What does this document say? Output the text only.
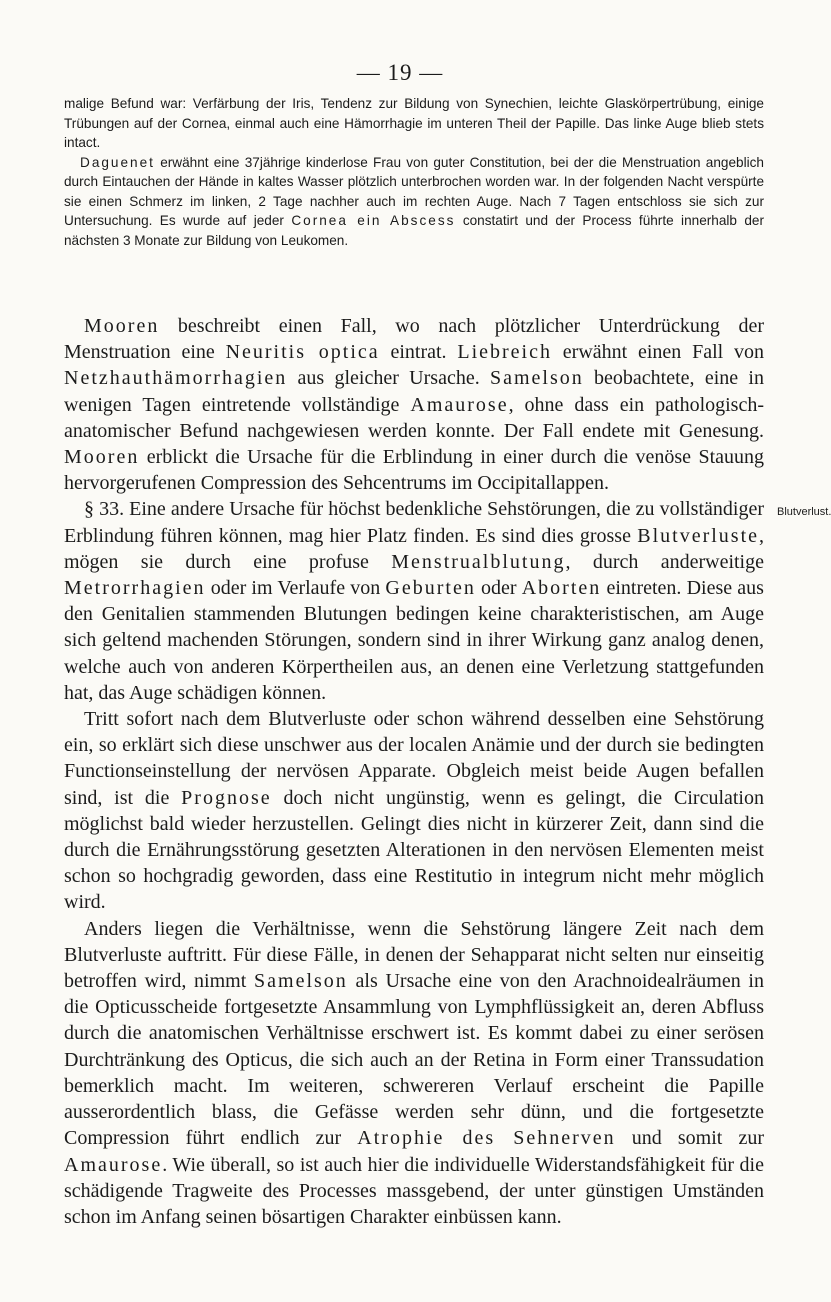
— 19 —

malige Befund war: Verfärbung der Iris, Tendenz zur Bildung von Synechien, leichte Glaskörpertrübung, einige Trübungen auf der Cornea, einmal auch eine Hämorrhagie im unteren Theil der Papille. Das linke Auge blieb stets intact.

Daguenet erwähnt eine 37jährige kinderlose Frau von guter Constitution, bei der die Menstruation angeblich durch Eintauchen der Hände in kaltes Wasser plötzlich unterbrochen worden war. In der folgenden Nacht verspürte sie einen Schmerz im linken, 2 Tage nachher auch im rechten Auge. Nach 7 Tagen entschloss sie sich zur Untersuchung. Es wurde auf jeder Cornea ein Abscess constatirt und der Process führte innerhalb der nächsten 3 Monate zur Bildung von Leukomen.

Mooren beschreibt einen Fall, wo nach plötzlicher Unterdrückung der Menstruation eine Neuritis optica eintrat. Liebreich erwähnt einen Fall von Netzhauthämorrhagien aus gleicher Ursache. Samelson beobachtete, eine in wenigen Tagen eintretende vollständige Amaurose, ohne dass ein pathologisch-anatomischer Befund nachgewiesen werden konnte. Der Fall endete mit Genesung. Mooren erblickt die Ursache für die Erblindung in einer durch die venöse Stauung hervorgerufenen Compression des Sehcentrums im Occipitallappen.

§ 33. Eine andere Ursache für höchst bedenkliche Sehstörungen, die zu vollständiger Erblindung führen können, mag hier Platz finden. Es sind dies grosse Blutverluste, mögen sie durch eine profuse Menstrualblutung, durch anderweitige Metrorrhagien oder im Verlaufe von Geburten oder Aborten eintreten. Diese aus den Genitalien stammenden Blutungen bedingen keine charakteristischen, am Auge sich geltend machenden Störungen, sondern sind in ihrer Wirkung ganz analog denen, welche auch von anderen Körpertheilen aus, an denen eine Verletzung stattgefunden hat, das Auge schädigen können.

Tritt sofort nach dem Blutverluste oder schon während desselben eine Sehstörung ein, so erklärt sich diese unschwer aus der localen Anämie und der durch sie bedingten Functionseinstellung der nervösen Apparate. Obgleich meist beide Augen befallen sind, ist die Prognose doch nicht ungünstig, wenn es gelingt, die Circulation möglichst bald wieder herzustellen. Gelingt dies nicht in kürzerer Zeit, dann sind die durch die Ernährungsstörung gesetzten Alterationen in den nervösen Elementen meist schon so hochgradig geworden, dass eine Restitutio in integrum nicht mehr möglich wird.

Anders liegen die Verhältnisse, wenn die Sehstörung längere Zeit nach dem Blutverluste auftritt. Für diese Fälle, in denen der Sehapparat nicht selten nur einseitig betroffen wird, nimmt Samelson als Ursache eine von den Arachnoidealräumen in die Opticusscheide fortgesetzte Ansammlung von Lymphflüssigkeit an, deren Abfluss durch die anatomischen Verhältnisse erschwert ist. Es kommt dabei zu einer serösen Durchtränkung des Opticus, die sich auch an der Retina in Form einer Transsudation bemerklich macht. Im weiteren, schwereren Verlauf erscheint die Papille ausserordentlich blass, die Gefässe werden sehr dünn, und die fortgesetzte Compression führt endlich zur Atrophie des Sehnerven und somit zur Amaurose. Wie überall, so ist auch hier die individuelle Widerstandsfähigkeit für die schädigende Tragweite des Processes massgebend, der unter günstigen Umständen schon im Anfang seinen bösartigen Charakter einbüssen kann.

Blutverlust.
